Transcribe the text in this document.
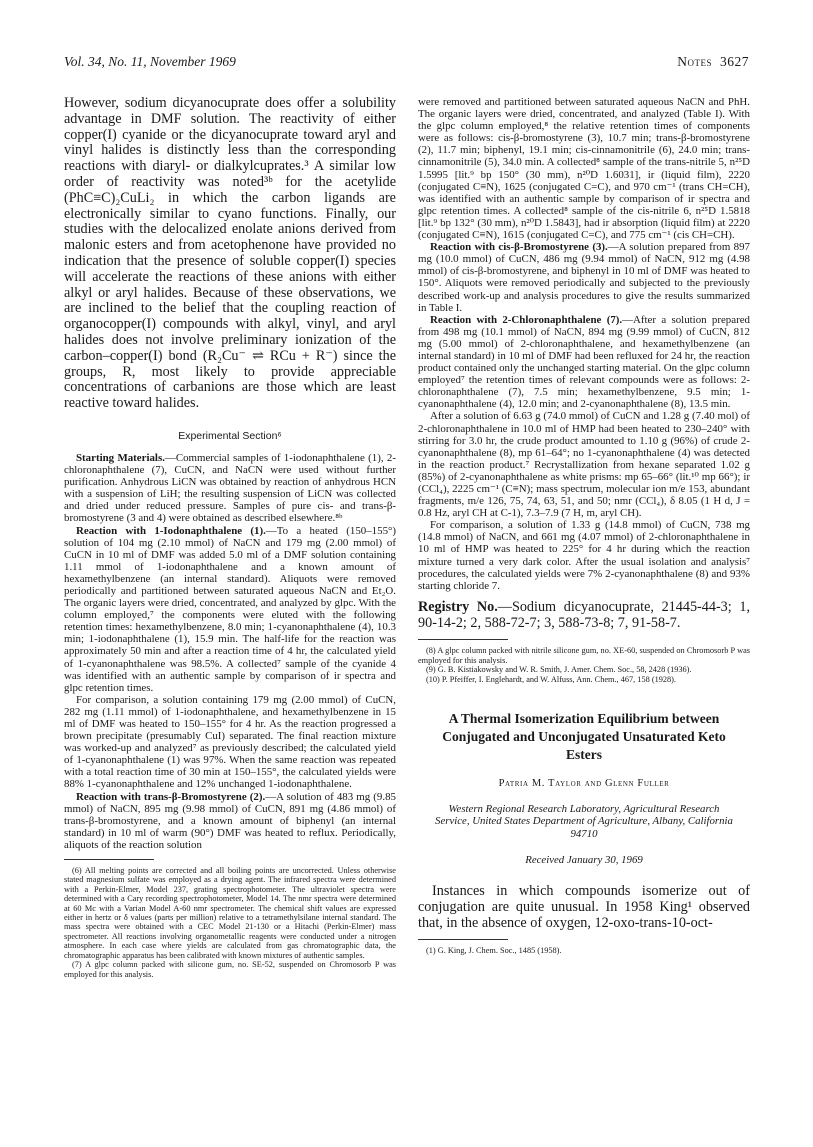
Vol. 34, No. 11, November 1969	Notes 3627

However, sodium dicyanocuprate does offer a solubility advantage in DMF solution. The reactivity of either copper(I) cyanide or the dicyanocuprate toward aryl and vinyl halides is distinctly less than the corresponding reactions with diaryl- or dialkylcuprates.³ A similar low order of reactivity was noted³ᵇ for the acetylide (PhC≡C)₂CuLi₂ in which the carbon ligands are electronically similar to cyano functions. Finally, our studies with the delocalized enolate anions derived from malonic esters and from acetophenone have provided no indication that the presence of soluble copper(I) species will accelerate the reactions of these anions with either alkyl or aryl halides. Because of these observations, we are inclined to the belief that the coupling reaction of organocopper(I) compounds with alkyl, vinyl, and aryl halides does not involve preliminary ionization of the carbon–copper(I) bond (R₂Cu⁻ ⇌ RCu + R⁻) since the groups, R, most likely to provide appreciable concentrations of carbanions are those which are least reactive toward halides.

Experimental Section⁶

Starting Materials.—Commercial samples of 1-iodonaphthalene (1), 2-chloronaphthalene (7), CuCN, and NaCN were used without further purification. Anhydrous LiCN was obtained by reaction of anhydrous HCN with a suspension of LiH; the resulting suspension of LiCN was collected and dried under reduced pressure. Samples of pure cis- and trans-β-bromostyrene (3 and 4) were obtained as described elsewhere.⁸ᵇ

Reaction with 1-Iodonaphthalene (1).—To a heated (150–155°) solution of 104 mg (2.10 mmol) of NaCN and 179 mg (2.00 mmol) of CuCN in 10 ml of DMF was added 5.0 ml of a DMF solution containing 1.11 mmol of 1-iodonaphthalene and a known amount of hexamethylbenzene (an internal standard). Aliquots were removed periodically and partitioned between saturated aqueous NaCN and Et₂O. The organic layers were dried, concentrated, and analyzed by glpc. With the column employed,⁷ the components were eluted with the following retention times: hexamethylbenzene, 8.0 min; 1-cyanonaphthalene (4), 10.3 min; 1-iodonaphthalene (1), 15.9 min. The half-life for the reaction was approximately 50 min and after a reaction time of 4 hr, the calculated yield of 1-cyanonaphthalene was 98.5%. A collected⁷ sample of the cyanide 4 was identified with an authentic sample by comparison of ir spectra and glpc retention times.

For comparison, a solution containing 179 mg (2.00 mmol) of CuCN, 282 mg (1.11 mmol) of 1-iodonaphthalene, and hexamethylbenzene in 15 ml of DMF was heated to 150–155° for 4 hr. As the reaction progressed a brown precipitate (presumably CuI) separated. The final reaction mixture was worked-up and analyzed⁷ as previously described; the calculated yield of 1-cyanonaphthalene (1) was 97%. When the same reaction was repeated with a total reaction time of 30 min at 150–155°, the calculated yields were 88% 1-cyanonaphthalene and 12% unchanged 1-iodonaphthalene.

Reaction with trans-β-Bromostyrene (2).—A solution of 483 mg (9.85 mmol) of NaCN, 895 mg (9.98 mmol) of CuCN, 891 mg (4.86 mmol) of trans-β-bromostyrene, and a known amount of biphenyl (an internal standard) in 10 ml of warm (90°) DMF was heated to reflux. Periodically, aliquots of the reaction solution

(6) All melting points are corrected and all boiling points are uncorrected. Unless otherwise stated magnesium sulfate was employed as a drying agent. The infrared spectra were determined with a Perkin-Elmer, Model 237, grating spectrophotometer. The ultraviolet spectra were determined with a Cary recording spectrophotometer, Model 14. The nmr spectra were determined at 60 Mc with a Varian Model A-60 nmr spectrometer. The chemical shift values are expressed either in hertz or δ values (parts per million) relative to a tetramethylsilane internal standard. The mass spectra were obtained with a CEC Model 21-130 or a Hitachi (Perkin-Elmer) mass spectrometer. All reactions involving organometallic reagents were conducted under a nitrogen atmosphere. In each case where yields are calculated from gas chromatographic data, the chromatographic apparatus has been calibrated with known mixtures of authentic samples.

(7) A glpc column packed with silicone gum, no. SE-52, suspended on Chromosorb P was employed for this analysis.

were removed and partitioned between saturated aqueous NaCN and PhH. The organic layers were dried, concentrated, and analyzed (Table I). With the glpc column employed,⁸ the relative retention times of components were as follows: cis-β-bromostyrene (3), 10.7 min; trans-β-bromostyrene (2), 11.7 min; biphenyl, 19.1 min; cis-cinnamonitrile (6), 24.0 min; trans-cinnamonitrile (5), 34.0 min. A collected⁸ sample of the trans-nitrile 5, n²⁵D 1.5995 [lit.⁹ bp 150° (30 mm), n²⁰D 1.6031], ir (liquid film), 2220 (conjugated C≡N), 1625 (conjugated C=C), and 970 cm⁻¹ (trans CH=CH), was identified with an authentic sample by comparison of ir spectra and glpc retention times. A collected⁸ sample of the cis-nitrile 6, n²⁵D 1.5818 [lit.⁹ bp 132° (30 mm), n²⁰D 1.5843], had ir absorption (liquid film) at 2220 (conjugated C≡N), 1615 (conjugated C=C), and 775 cm⁻¹ (cis CH=CH).

Reaction with cis-β-Bromostyrene (3).—A solution prepared from 897 mg (10.0 mmol) of CuCN, 486 mg (9.94 mmol) of NaCN, 912 mg (4.98 mmol) of cis-β-bromostyrene, and biphenyl in 10 ml of DMF was heated to 150°. Aliquots were removed periodically and subjected to the previously described work-up and analysis procedures to give the results summarized in Table I.

Reaction with 2-Chloronaphthalene (7).—After a solution prepared from 498 mg (10.1 mmol) of NaCN, 894 mg (9.99 mmol) of CuCN, 812 mg (5.00 mmol) of 2-chloronaphthalene, and hexamethylbenzene (an internal standard) in 10 ml of DMF had been refluxed for 24 hr, the reaction product contained only the unchanged starting material. On the glpc column employed⁷ the retention times of relevant compounds were as follows: 2-chloronaphthalene (7), 7.5 min; hexamethylbenzene, 9.5 min; 1-cyanonaphthalene (4), 12.0 min; and 2-cyanonaphthalene (8), 13.5 min.

After a solution of 6.63 g (74.0 mmol) of CuCN and 1.28 g (7.40 mol) of 2-chloronaphthalene in 10.0 ml of HMP had been heated to 230–240° with stirring for 3.0 hr, the crude product amounted to 1.10 g (96%) of crude 2-cyanonaphthalene (8), mp 61–64°; no 1-cyanonaphthalene (4) was detected in the reaction product.⁷ Recrystallization from hexane separated 1.02 g (85%) of 2-cyanonaphthalene as white prisms: mp 65–66° (lit.¹⁰ mp 66°); ir (CCl₄), 2225 cm⁻¹ (C≡N); mass spectrum, molecular ion m/e 153, abundant fragments, m/e 126, 75, 74, 63, 51, and 50; nmr (CCl₄), δ 8.05 (1 H d, J = 0.8 Hz, aryl CH at C-1), 7.3–7.9 (7 H, m, aryl CH).

For comparison, a solution of 1.33 g (14.8 mmol) of CuCN, 738 mg (14.8 mmol) of NaCN, and 661 mg (4.07 mmol) of 2-chloronaphthalene in 10 ml of HMP was heated to 225° for 4 hr during which the reaction mixture turned a very dark color. After the usual isolation and analysis⁷ procedures, the calculated yields were 7% 2-cyanonaphthalene (8) and 93% starting chloride 7.

Registry No.—Sodium dicyanocuprate, 21445-44-3; 1, 90-14-2; 2, 588-72-7; 3, 588-73-8; 7, 91-58-7.

(8) A glpc column packed with nitrile silicone gum, no. XE-60, suspended on Chromosorb P was employed for this analysis.

(9) G. B. Kistiakowsky and W. R. Smith, J. Amer. Chem. Soc., 58, 2428 (1936).

(10) P. Pfeiffer, I. Englehardt, and W. Alfuss, Ann. Chem., 467, 158 (1928).

A Thermal Isomerization Equilibrium between Conjugated and Unconjugated Unsaturated Keto Esters
Patria M. Taylor and Glenn Fuller
Western Regional Research Laboratory, Agricultural Research Service, United States Department of Agriculture, Albany, California 94710
Received January 30, 1969

Instances in which compounds isomerize out of conjugation are quite unusual. In 1958 King¹ observed that, in the absence of oxygen, 12-oxo-trans-10-oct-

(1) G. King, J. Chem. Soc., 1485 (1958).
